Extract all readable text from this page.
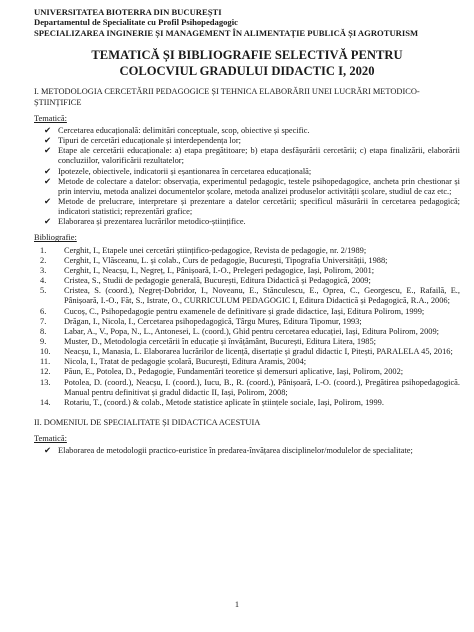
UNIVERSITATEA BIOTERRA DIN BUCUREȘTI
Departamentul de Specialitate cu Profil Psihopedagogic
SPECIALIZAREA INGINERIE ȘI MANAGEMENT ÎN ALIMENTAȚIE PUBLICĂ ȘI AGROTURISM
TEMATICĂ ȘI BIBLIOGRAFIE SELECTIVĂ PENTRU
COLOCVIUL GRADULUI DIDACTIC I, 2020
I. METODOLOGIA CERCETĂRII PEDAGOGICE ȘI TEHNICA ELABORĂRII UNEI LUCRĂRI METODICO-ȘTIINȚIFICE
Tematică:
✔ Cercetarea educațională: delimitări conceptuale, scop, obiective și specific.
✔ Tipuri de cercetări educaționale și interdependența lor;
✔ Etape ale cercetării educaționale: a) etapa pregătitoare; b) etapa desfășurării cercetării; c) etapa finalizării, elaborării concluziilor, valorificării rezultatelor;
✔ Ipotezele, obiectivele, indicatorii și eșantionarea în cercetarea educațională;
✔ Metode de colectare a datelor: observația, experimentul pedagogic, testele psihopedagogice, ancheta prin chestionar și prin interviu, metoda analizei documentelor școlare, metoda analizei produselor activității școlare, studiul de caz etc.;
✔ Metode de prelucrare, interpretare și prezentare a datelor cercetării; specificul măsurării în cercetarea pedagogică; indicatori statistici; reprezentări grafice;
✔ Elaborarea și prezentarea lucrărilor metodico-științifice.
Bibliografie:
1. Cerghit, I., Etapele unei cercetări științifico-pedagogice, Revista de pedagogie, nr. 2/1989;
2. Cerghit, I., Vlăsceanu, L. și colab., Curs de pedagogie, București, Tipografia Universității, 1988;
3. Cerghit, I., Neacșu, I., Negreț, I., Pânișoară, I.-O., Prelegeri pedagogice, Iași, Polirom, 2001;
4. Cristea, S., Studii de pedagogie generală, București, Editura Didactică și Pedagogică, 2009;
5. Cristea, S. (coord.), Negreț-Dobridor, I., Noveanu, E., Stănculescu, E., Oprea, C., Georgescu, E., Rafailă, E., Pânișoară, I.-O., Făt, S., Istrate, O., CURRICULUM PEDAGOGIC I, Editura Didactică și Pedagogică, R.A., 2006;
6. Cucoș, C., Psihopedagogie pentru examenele de definitivare și grade didactice, Iași, Editura Polirom, 1999;
7. Drăgan, I., Nicola, I., Cercetarea psihopedagogică, Târgu Mureș, Editura Tipomur, 1993;
8. Labar, A., V., Popa, N., L., Antonesei, L. (coord.), Ghid pentru cercetarea educației, Iași, Editura Polirom, 2009;
9. Muster, D., Metodologia cercetării în educație și învățământ, București, Editura Litera, 1985;
10. Neacșu, I., Manasia, L. Elaborarea lucrărilor de licență, disertație și gradul didactic I, Pitești, PARALELA 45, 2016;
11. Nicola, I., Tratat de pedagogie școlară, București, Editura Aramis, 2004;
12. Păun, E., Potolea, D., Pedagogie, Fundamentări teoretice și demersuri aplicative, Iași, Polirom, 2002;
13. Potolea, D. (coord.), Neacșu, I. (coord.), Iucu, B., R. (coord.), Pânișoară, I.-O. (coord.), Pregătirea psihopedagogică. Manual pentru definitivat și gradul didactic II, Iași, Polirom, 2008;
14. Rotariu, T., (coord.) & colab., Metode statistice aplicate în științele sociale, Iași, Polirom, 1999.
II. DOMENIUL DE SPECIALITATE ȘI DIDACTICA ACESTUIA
Tematică:
✔ Elaborarea de metodologii practico-euristice în predarea-învățarea disciplinelor/modulelor de specialitate;
1
